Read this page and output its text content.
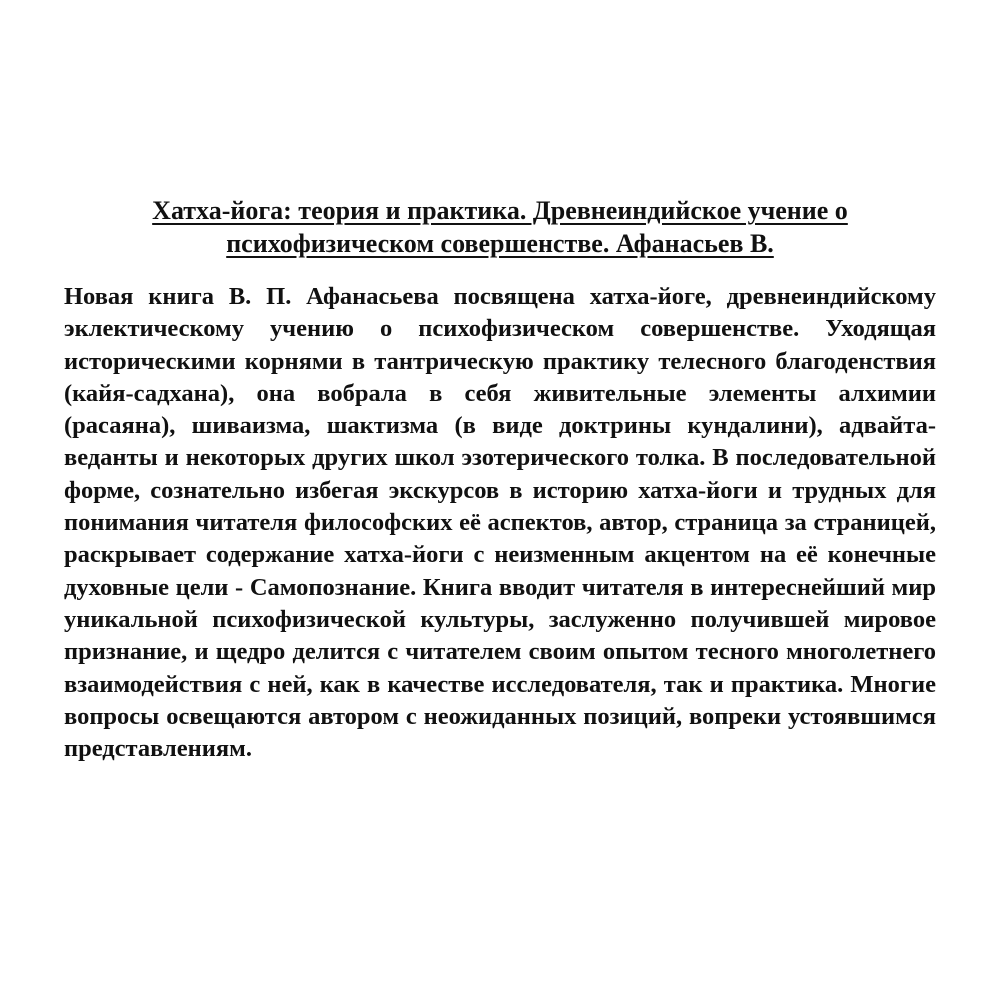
Хатха-йога: теория и практика. Древнеиндийское учение о психофизическом совершенстве. Афанасьев В.

Новая книга В. П. Афанасьева посвящена хатха-йоге, древнеиндийскому эклектическому учению о психофизическом совершенстве. Уходящая историческими корнями в тантрическую практику телесного благоденствия (кайя-садхана), она вобрала в себя живительные элементы алхимии (расаяна), шиваизма, шактизма (в виде доктрины кундалини), адвайта-веданты и некоторых других школ эзотерического толка. В последовательной форме, сознательно избегая экскурсов в историю хатха-йоги и трудных для понимания читателя философских её аспектов, автор, страница за страницей, раскрывает содержание хатха-йоги с неизменным акцентом на её конечные духовные цели - Самопознание. Книга вводит читателя в интереснейший мир уникальной психофизической культуры, заслуженно получившей мировое признание, и щедро делится с читателем своим опытом тесного многолетнего взаимодействия с ней, как в качестве исследователя, так и практика. Многие вопросы освещаются автором с неожиданных позиций, вопреки устоявшимся представлениям.
